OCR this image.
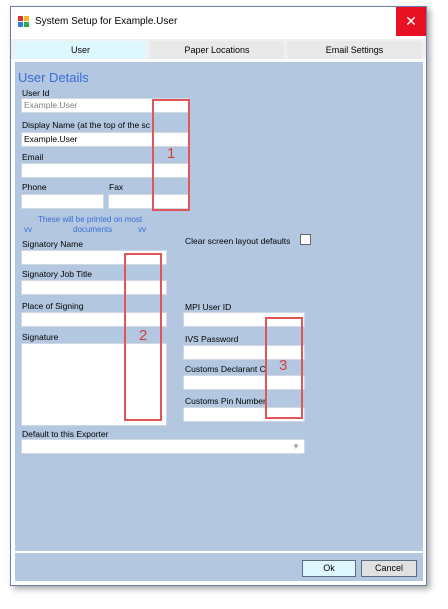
System Setup for Example.User	✕
User	Paper Locations	Email Settings
User Details
User Id
Example.User
Display Name (at the top of the sc
Example.User
Email
Phone	Fax
These will be printed on most
vv	documents	vv
Signatory Name
Signatory Job Title
Place of Signing
Signature
Clear screen layout defaults
MPI User ID
IVS Password
Customs Declarant C
Customs Pin Number
Default to this Exporter
▼
1
2
3
Ok	Cancel
